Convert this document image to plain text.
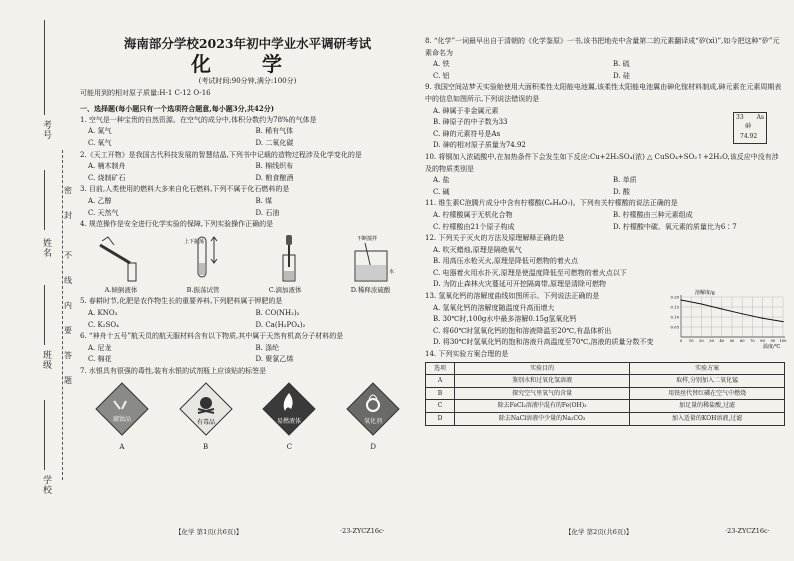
考号
姓名
班级
学校
密
封
线
内
不
要
答
题
海南部分学校2023年初中学业水平调研考试
化 学
(考试时间:90分钟,满分:100分)
可能用到的相对原子质量:H-1 C-12 O-16
一、选择题(每小题只有一个选项符合题意,每小题3分,共42分)
1. 空气是一种宝贵的自然资源。在空气的成分中,体积分数约为78%的气体是
A. 氮气	B. 稀有气体
C. 氧气	D. 二氧化碳
2.《天工开物》是我国古代科技发展的智慧结晶,下列书中记载的造物过程涉及化学变化的是
A. 楠木制舟	B. 棉线织布
C. 烧制矿石	D. 粮食酿酒
3. 目前,人类使用的燃料大多来自化石燃料,下列不属于化石燃料的是
A. 乙醇	B. 煤
C. 天然气	D. 石油
4. 规范操作是安全进行化学实验的保障,下列实验操作正确的是
上下振荡	不断搅拌
水
A.倾倒液体	B.振荡试管	C.滴加液体	D.稀释浓硫酸
5. 春耕时节,化肥是农作物生长的重要养料,下列肥料属于钾肥的是
A. KNO₃	B. CO(NH₂)₂
C. K₂SO₄	D. Ca(H₂PO₄)₂
6. “神舟十五号”航天员的航天服材料含有以下物质,其中属于天然有机高分子材料的是
A. 尼龙	B. 涤纶
C. 棉花	D. 聚氯乙烯
7. 水银具有很强的毒性,装有水银的试剂瓶上应该贴的标签是
腐蚀品
A
有毒品
B
易燃液体
C
氧化剂
D
8. “化学”一词最早出自于清朝的《化学鉴原》一书,该书把地壳中含量第二的元素翻译成“矽(xì)”,如今把这种“矽”元素命名为
A. 铁	B. 硫
C. 铝	D. 硅
9. 我国空间站梦天实验舱使用大面积柔性太阳能电池翼,该柔性太阳能电池翼由砷化镓材料制成,砷元素在元素周期表中的信息如图所示,下列说法错误的是
A. 砷属于非金属元素
B. 砷原子的中子数为33
C. 砷的元素符号是As
D. 砷的相对原子质量为74.92
33 As
砷
74.92
10. 将铜加入浓硫酸中,在加热条件下会发生如下反应:Cu+2H₂SO₄(浓) △ CuSO₄+SO₂↑+2H₂O,该反应中没有涉及的物质类别是
A. 盐	B. 单质
C. 碱	D. 酸
11. 维生素C泡腾片成分中含有柠檬酸(C₆H₈O₇)。下列有关柠檬酸的说法正确的是
A. 柠檬酸属于无机化合物	B. 柠檬酸由三种元素组成
C. 柠檬酸由21个原子构成	D. 柠檬酸中碳、氧元素的质量比为6∶7
12. 下列关于灭火的方法及原理解释正确的是
A. 吹灭蜡烛,原理是隔绝氧气
B. 用高压水枪灭火,原理是降低可燃物的着火点
C. 电器着火用水扑灭,原理是使温度降低至可燃物的着火点以下
D. 为防止森林火灾蔓延可开挖隔离带,原理是清除可燃物
13. 氢氧化钙的溶解度曲线如图所示。下列说法正确的是
A. 氢氧化钙的溶解度随温度升高而增大
B. 30℃时,100g水中最多溶解0.15g氢氧化钙
C. 将60℃时氢氧化钙的饱和溶液降温至20℃,有晶体析出
D. 将30℃时氢氧化钙的饱和溶液升高温度至70℃,溶液的质量分数不变
溶解度/g
温度/℃
0.20
0.15
0.10
0.05
0 10 20 30 40 50 60 70 80 90 100
14. 下列实验方案合理的是
选项	实验目的	实验方案
A	鉴别水和过氧化氢溶液	取样,分别加入二氧化锰
B	探究空气里氧气的含量	用铁丝代替红磷在空气中燃烧
C	除去FeCl₂溶液中混有的Fe(OH)₃	加足量的稀盐酸,过滤
D	除去NaCl溶液中少量的Na₂CO₃	加入适量的KOH溶液,过滤
【化学 第1页(共6页)】	·23-ZYCZ16c·	【化学 第2页(共6页)】	·23-ZYCZ16c·
